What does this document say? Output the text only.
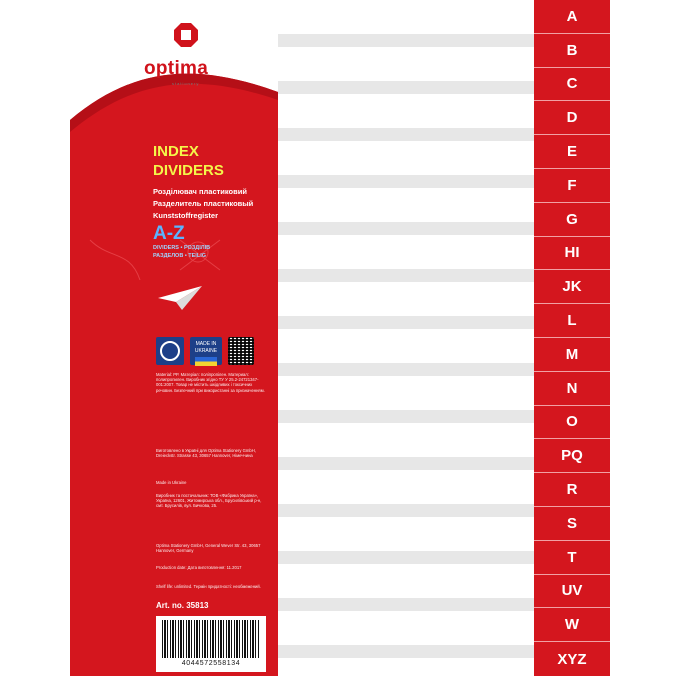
optima
stationery
INDEX
DIVIDERS
Розділювач пластиковий
Разделитель пластиковый
Kunststoffregister
A-Z
DIVIDERS • РОЗДІЛІВ
РАЗДЕЛОВ • TEILIG
MADE IN UKRAINE
Material: PP. Матеріал: поліпропілен. Материал: полипропилен. Виробник згідно ТУ У 25.2-24721347-001:2007. Товар не містить шкідливих і токсичних речовин. Безпечний при використанні за призначенням.
Виготовлено в Україні для Optima Stationery GmbH, Dreieckstr. Strasse 43, 30657 Hannover, Німеччина
Made in Ukraine
Виробник та постачальник: ТОВ «Фабрика Україна», Україна, 12601, Житомирська обл., Брусилівський р-н, смт. Брусилів, вул. Бичкова, 25.
Optima Stationery GmbH, General Wever Str. 43, 30657 Hannover, Germany
Production date: Дата виготовлення: 11.2017
Shelf life: unlimited. Термін придатності: необмежений.
Art. no. 35813
4044572558134
A
B
C
D
E
F
G
HI
JK
L
M
N
O
PQ
R
S
T
UV
W
XYZ
